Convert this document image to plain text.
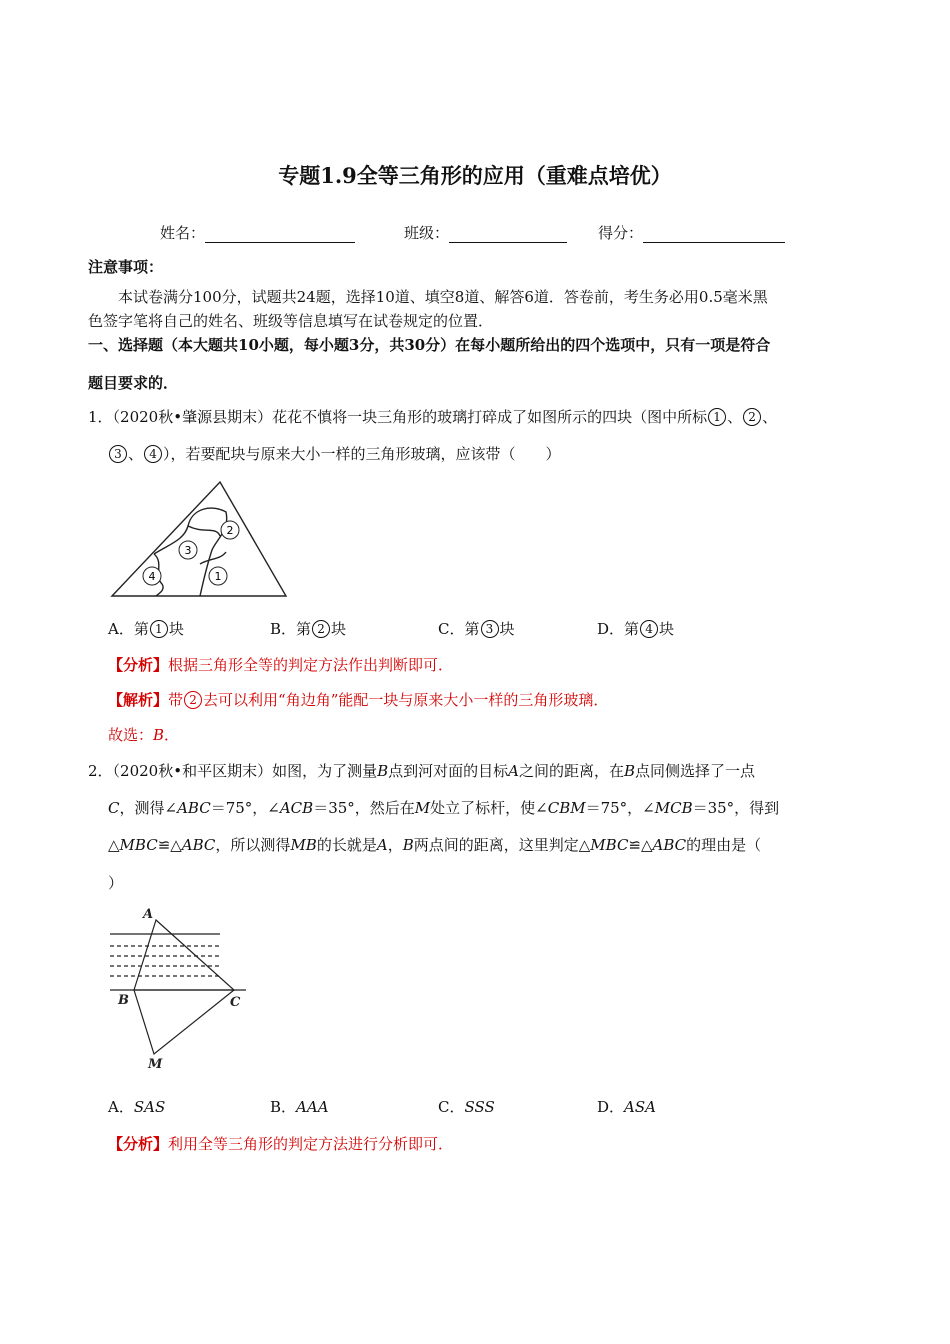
专题1.9全等三角形的应用（重难点培优）
姓名：	班级：	得分：
注意事项：
本试卷满分100分，试题共24题，选择10道、填空8道、解答6道．答卷前，考生务必用0.5毫米黑
色签字笔将自己的姓名、班级等信息填写在试卷规定的位置．
一、选择题（本大题共10小题，每小题3分，共30分）在每小题所给出的四个选项中，只有一项是符合
题目要求的．
1．（2020秋•肇源县期末）花花不慎将一块三角形的玻璃打碎成了如图所示的四块（图中所标 1 、 2 、
3 、 4 ），若要配块与原来大小一样的三角形玻璃，应该带（　　）
2
3
4	1
A．第 1 块	B．第 2 块	C．第 3 块	D．第 4 块
【分析】根据三角形全等的判定方法作出判断即可．
【解析】带 2 去可以利用“角边角”能配一块与原来大小一样的三角形玻璃．
故选：B．
2．（2020秋•和平区期末）如图，为了测量B点到河对面的目标A之间的距离，在B点同侧选择了一点
C，测得∠ABC＝75°，∠ACB＝35°，然后在M处立了标杆，使∠CBM＝75°，∠MCB＝35°，得到
△MBC≌△ABC，所以测得MB的长就是A，B两点间的距离，这里判定△MBC≌△ABC的理由是（
）
A
B	C
M
A．SAS	B．AAA	C．SSS	D．ASA
【分析】利用全等三角形的判定方法进行分析即可．
